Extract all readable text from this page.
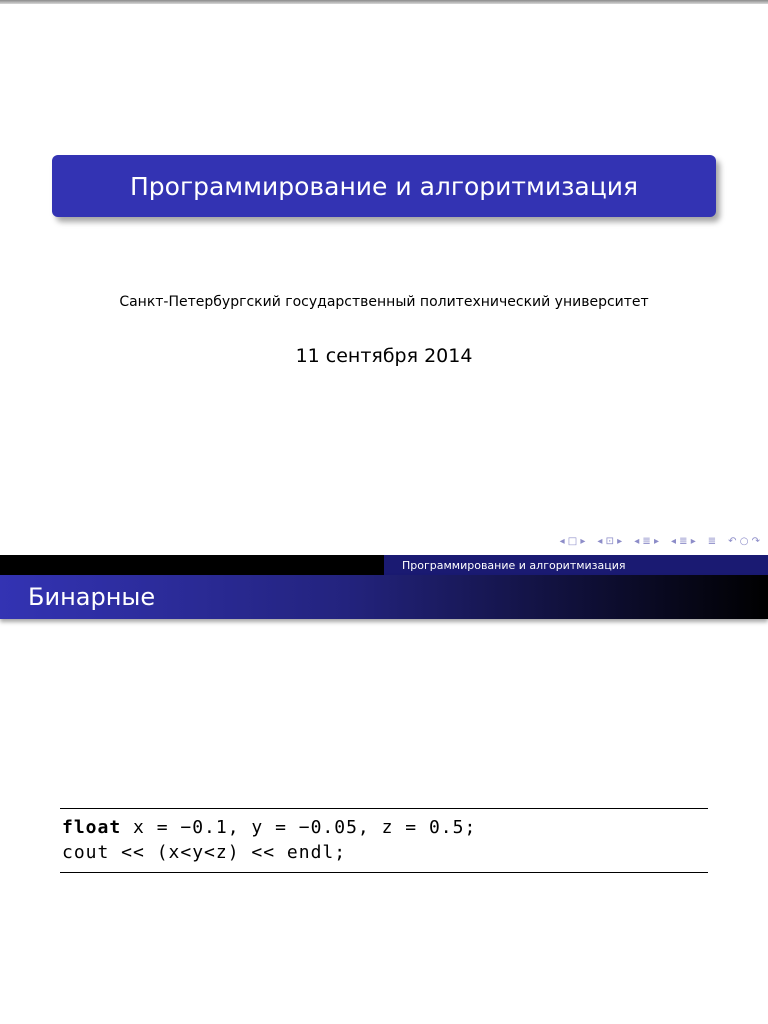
Программирование и алгоритмизация
Санкт-Петербургский государственный политехнический университет
11 сентября 2014
◂ □ ▸ ◂ ⊡ ▸ ◂ ≣ ▸ ◂ ≣ ▸ ≣ ↶ ○ ↷
Программирование и алгоритмизация
Бинарные
float x = −0.1, y = −0.05, z = 0.5;
cout << (x<y<z) << endl;
